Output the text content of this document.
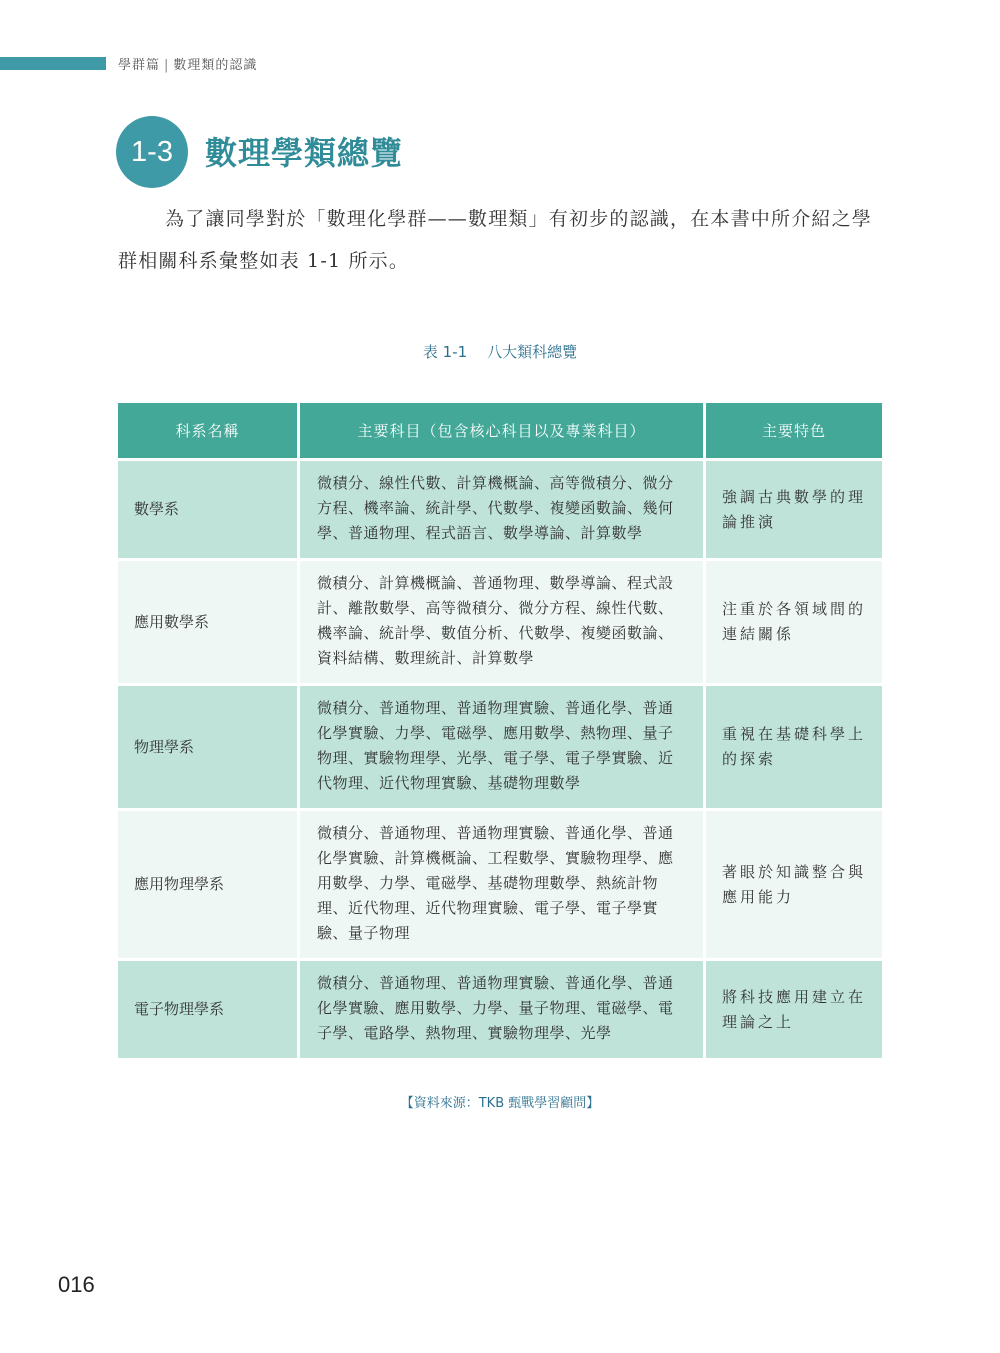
學群篇 | 數理類的認識
1-3	數理學類總覽

為了讓同學對於「數理化學群——數理類」有初步的認識，在本書中所介紹之學群相關科系彙整如表 1-1 所示。

表 1-1 八大類科總覽
科系名稱	主要科目（包含核心科目以及專業科目）	主要特色
數學系	微積分、線性代數、計算機概論、高等微積分、微分方程、機率論、統計學、代數學、複變函數論、幾何學、普通物理、程式語言、數學導論、計算數學	強調古典數學的理論推演
應用數學系	微積分、計算機概論、普通物理、數學導論、程式設計、離散數學、高等微積分、微分方程、線性代數、機率論、統計學、數值分析、代數學、複變函數論、資料結構、數理統計、計算數學	注重於各領域間的連結關係
物理學系	微積分、普通物理、普通物理實驗、普通化學、普通化學實驗、力學、電磁學、應用數學、熱物理、量子物理、實驗物理學、光學、電子學、電子學實驗、近代物理、近代物理實驗、基礎物理數學	重視在基礎科學上的探索
應用物理學系	微積分、普通物理、普通物理實驗、普通化學、普通化學實驗、計算機概論、工程數學、實驗物理學、應用數學、力學、電磁學、基礎物理數學、熱統計物理、近代物理、近代物理實驗、電子學、電子學實驗、量子物理	著眼於知識整合與應用能力
電子物理學系	微積分、普通物理、普通物理實驗、普通化學、普通化學實驗、應用數學、力學、量子物理、電磁學、電子學、電路學、熱物理、實驗物理學、光學	將科技應用建立在理論之上
【資料來源：TKB 甄戰學習顧問】
016
